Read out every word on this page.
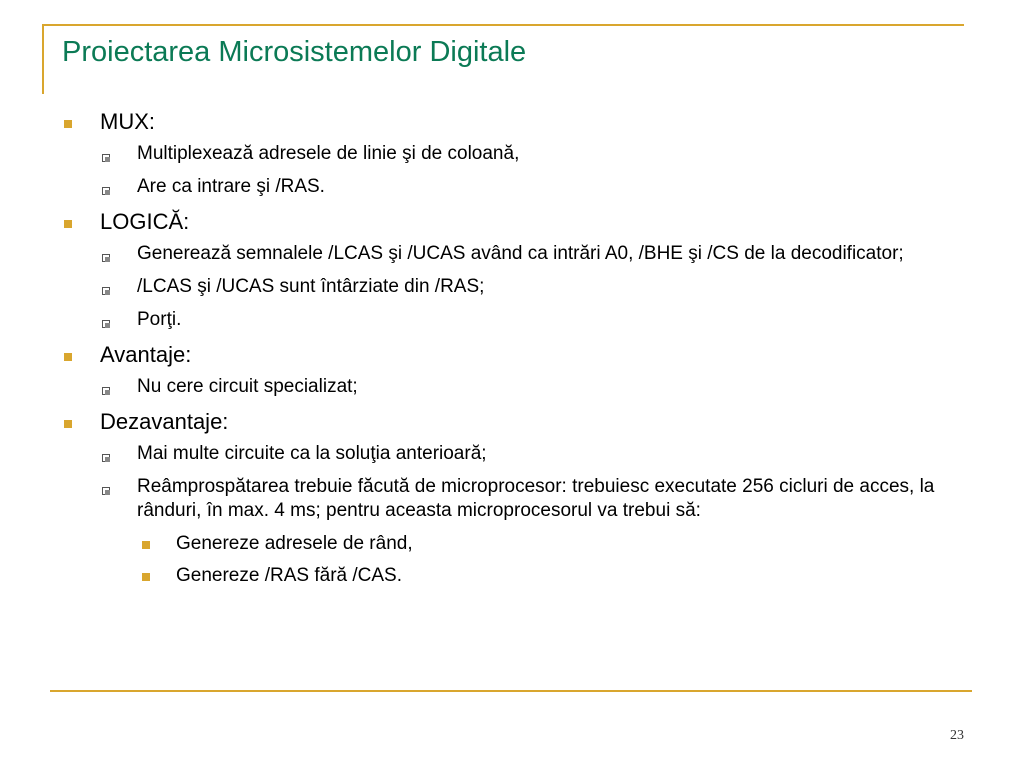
Proiectarea Microsistemelor Digitale
MUX:
Multiplexează adresele de linie şi de coloană,
Are ca intrare şi /RAS.
LOGICĂ:
Generează semnalele /LCAS şi /UCAS având ca intrări A0, /BHE şi /CS de la decodificator;
/LCAS şi /UCAS sunt întârziate din /RAS;
Porţi.
Avantaje:
Nu cere circuit specializat;
Dezavantaje:
Mai multe circuite ca la soluţia anterioară;
Reâmprospătarea trebuie făcută de microprocesor: trebuiesc executate 256 cicluri de acces, la rânduri, în max. 4 ms; pentru aceasta microprocesorul va trebui să:
Genereze adresele de rând,
Genereze /RAS fără /CAS.
23
